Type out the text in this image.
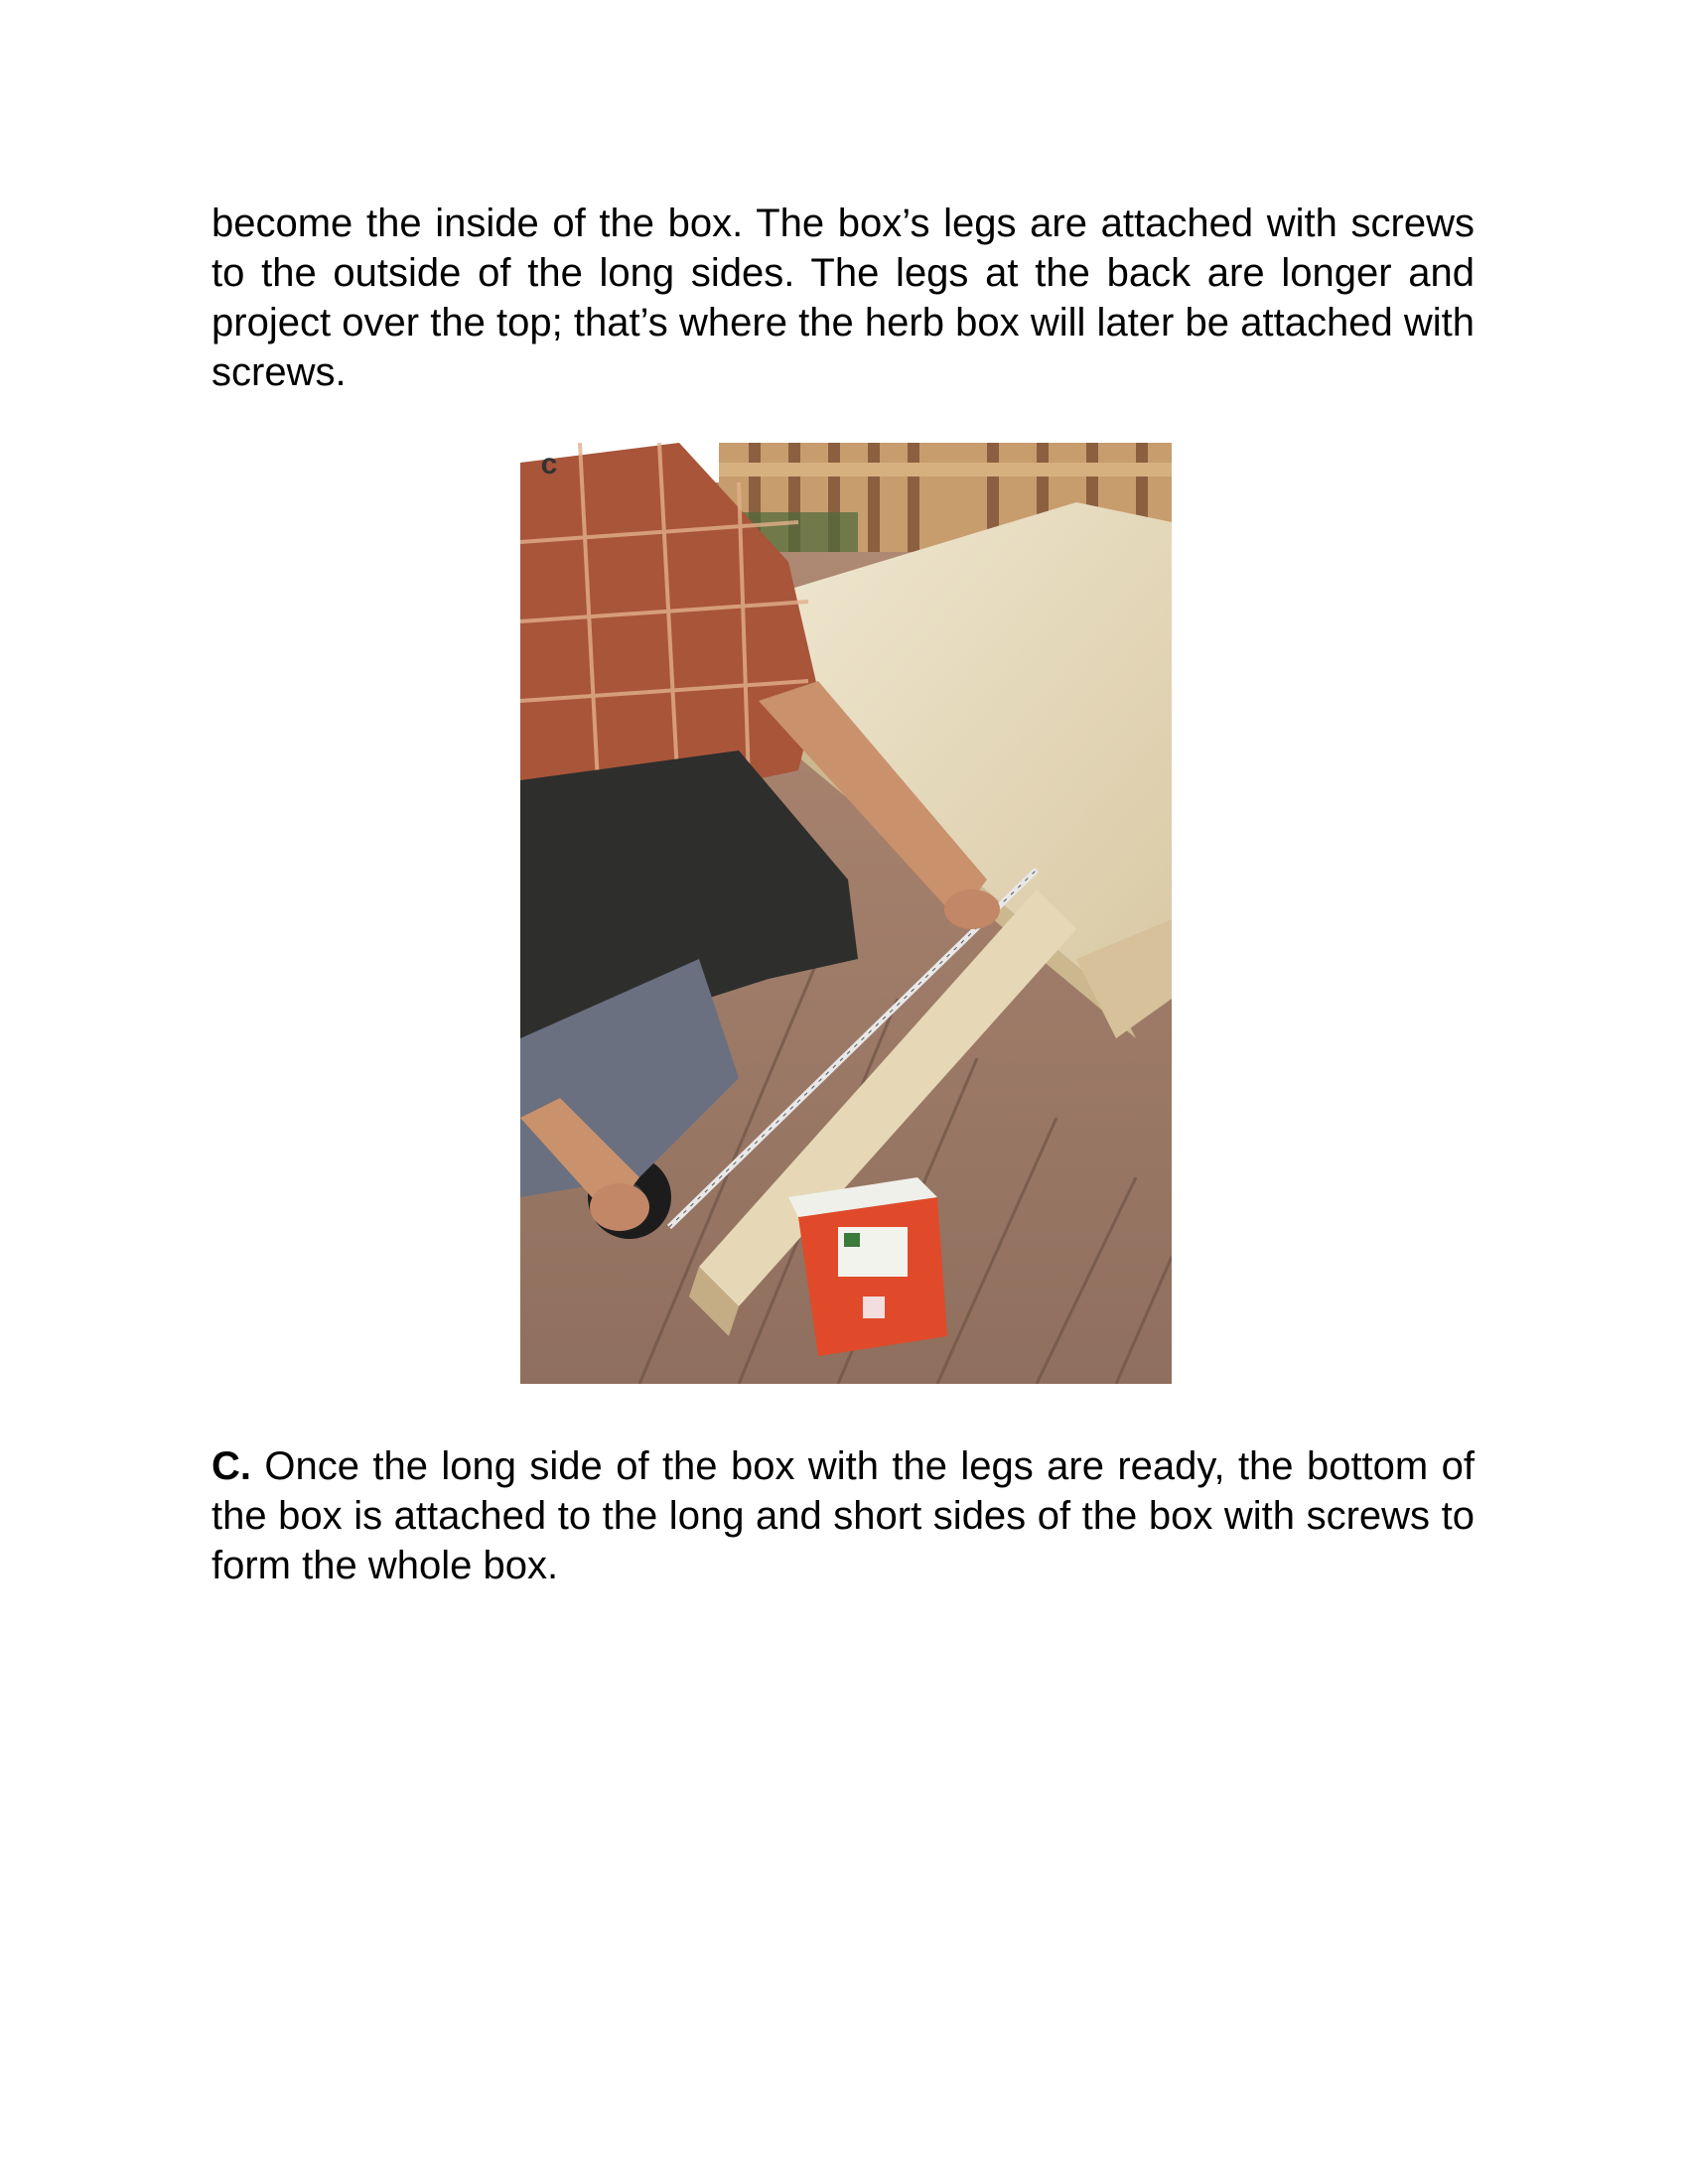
become the inside of the box. The box’s legs are attached with screws to the outside of the long sides. The legs at the back are longer and project over the top; that’s where the herb box will later be attached with screws.

c

C. Once the long side of the box with the legs are ready, the bottom of the box is attached to the long and short sides of the box with screws to form the whole box.
